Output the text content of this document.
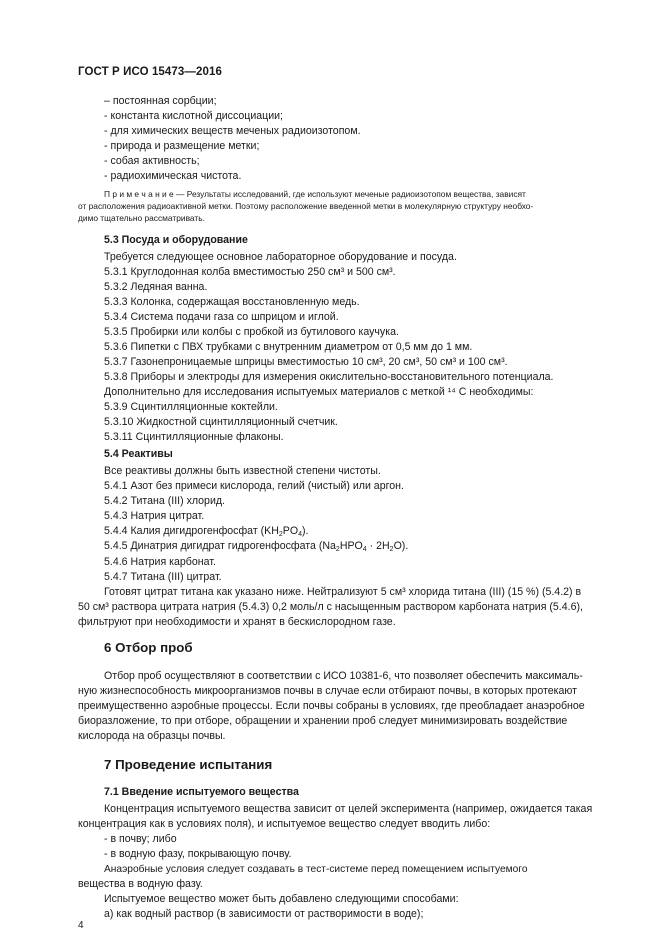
ГОСТ Р ИСО 15473—2016
– постоянная сорбции;
- константа кислотной диссоциации;
- для химических веществ меченых радиоизотопом.
- природа и размещение метки;
- собая активность;
- радиохимическая чистота.
П р и м е ч а н и е — Результаты исследований, где используют меченые радиоизотопом вещества, зависят
от расположения радиоактивной метки. Поэтому расположение введенной метки в молекулярную структуру необхо-
димо тщательно рассматривать.
5.3 Посуда и оборудование
Требуется следующее основное лабораторное оборудование и посуда.
5.3.1 Круглодонная колба вместимостью 250 см³ и 500 см³.
5.3.2 Ледяная ванна.
5.3.3 Колонка, содержащая восстановленную медь.
5.3.4 Система подачи газа со шприцом и иглой.
5.3.5 Пробирки или колбы с пробкой из бутилового каучука.
5.3.6 Пипетки с ПВХ трубками с внутренним диаметром от 0,5 мм до 1 мм.
5.3.7 Газонепроницаемые шприцы вместимостью 10 см³, 20 см³, 50 см³ и 100 см³.
5.3.8 Приборы и электроды для измерения окислительно-восстановительного потенциала.
Дополнительно для исследования испытуемых материалов с меткой ¹⁴ С необходимы:
5.3.9 Сцинтилляционные коктейли.
5.3.10 Жидкостной сцинтилляционный счетчик.
5.3.11 Сцинтилляционные флаконы.
5.4 Реактивы
Все реактивы должны быть известной степени чистоты.
5.4.1 Азот без примеси кислорода, гелий (чистый) или аргон.
5.4.2 Титана (III) хлорид.
5.4.3 Натрия цитрат.
5.4.4 Калия дигидрогенфосфат (KH2PO4).
5.4.5 Динатрия дигидрат гидрогенфосфата (Na2HPO4 · 2H2O).
5.4.6 Натрия карбонат.
5.4.7 Титана (III) цитрат.
Готовят цитрат титана как указано ниже. Нейтрализуют 5 см³ хлорида титана (III) (15 %) (5.4.2) в
50 см³ раствора цитрата натрия (5.4.3) 0,2 моль/л с насыщенным раствором карбоната натрия (5.4.6),
фильтруют при необходимости и хранят в бескислородном газе.
6 Отбор проб
Отбор проб осуществляют в соответствии с ИСО 10381-6, что позволяет обеспечить максималь-
ную жизнеспособность микроорганизмов почвы в случае если отбирают почвы, в которых протекают
преимущественно аэробные процессы. Если почвы собраны в условиях, где преобладает анаэробное
биоразложение, то при отборе, обращении и хранении проб следует минимизировать воздействие
кислорода на образцы почвы.
7 Проведение испытания
7.1 Введение испытуемого вещества
Концентрация испытуемого вещества зависит от целей эксперимента (например, ожидается такая
концентрация как в условиях поля), и испытуемое вещество следует вводить либо:
- в почву; либо
- в водную фазу, покрывающую почву.
Анаэробные условия следует создавать в тест-системе перед помещением испытуемого
вещества в водную фазу.
Испытуемое вещество может быть добавлено следующими способами:
а) как водный раствор (в зависимости от растворимости в воде);
4
